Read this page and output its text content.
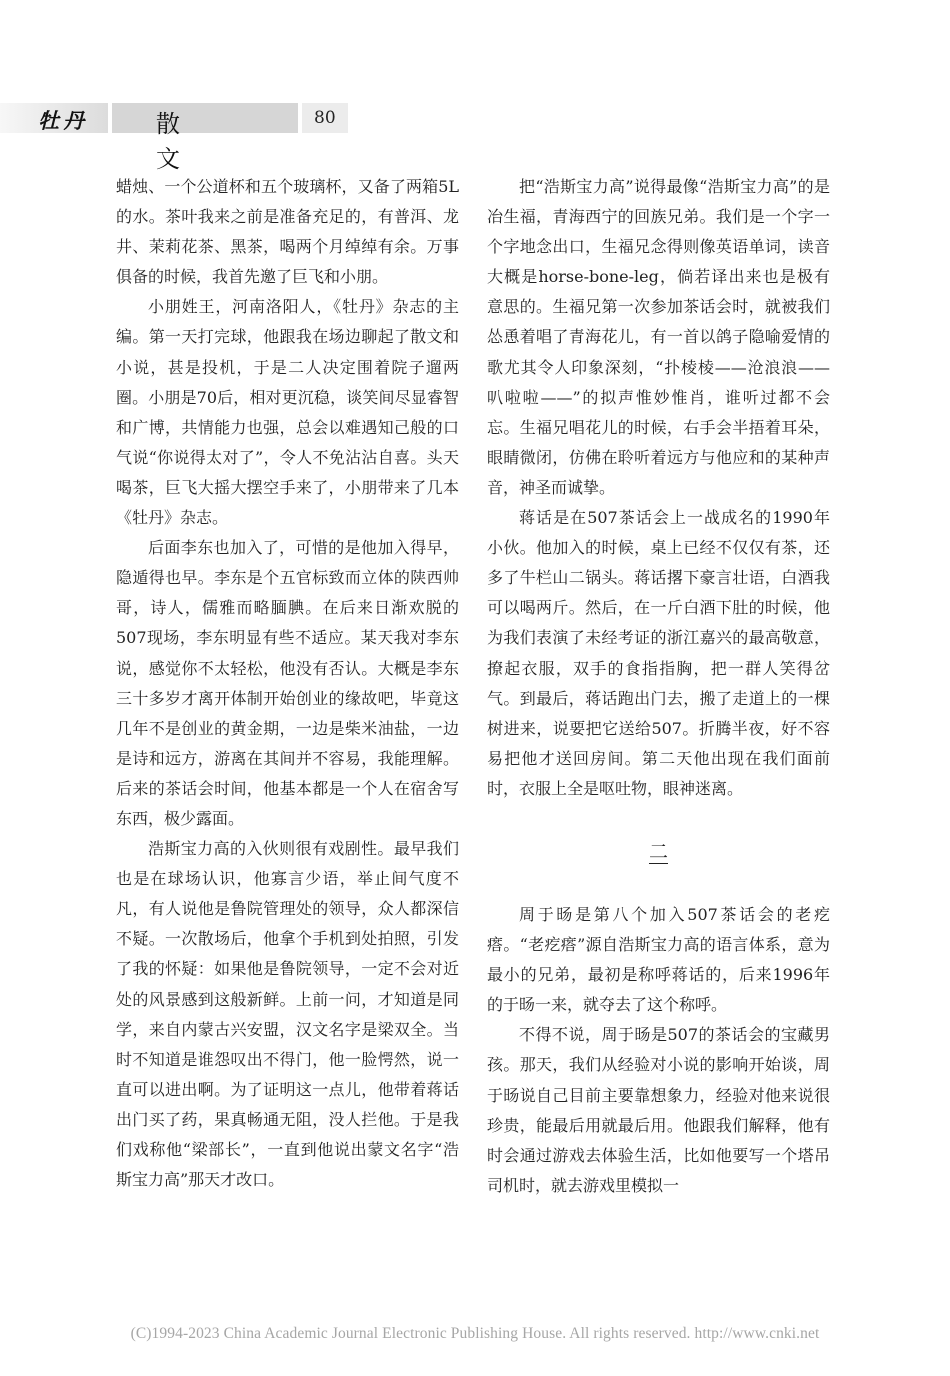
牡丹	散文
80

蜡烛、一个公道杯和五个玻璃杯，又备了两箱5L的水。茶叶我来之前是准备充足的，有普洱、龙井、茉莉花茶、黑茶，喝两个月绰绰有余。万事俱备的时候，我首先邀了巨飞和小朋。

小朋姓王，河南洛阳人，《牡丹》杂志的主编。第一天打完球，他跟我在场边聊起了散文和小说，甚是投机，于是二人决定围着院子遛两圈。小朋是70后，相对更沉稳，谈笑间尽显睿智和广博，共情能力也强，总会以难遇知己般的口气说“你说得太对了”，令人不免沾沾自喜。头天喝茶，巨飞大摇大摆空手来了，小朋带来了几本《牡丹》杂志。

后面李东也加入了，可惜的是他加入得早，隐遁得也早。李东是个五官标致而立体的陕西帅哥，诗人，儒雅而略腼腆。在后来日渐欢脱的507现场，李东明显有些不适应。某天我对李东说，感觉你不太轻松，他没有否认。大概是李东三十多岁才离开体制开始创业的缘故吧，毕竟这几年不是创业的黄金期，一边是柴米油盐，一边是诗和远方，游离在其间并不容易，我能理解。后来的茶话会时间，他基本都是一个人在宿舍写东西，极少露面。

浩斯宝力高的入伙则很有戏剧性。最早我们也是在球场认识，他寡言少语，举止间气度不凡，有人说他是鲁院管理处的领导，众人都深信不疑。一次散场后，他拿个手机到处拍照，引发了我的怀疑：如果他是鲁院领导，一定不会对近处的风景感到这般新鲜。上前一问，才知道是同学，来自内蒙古兴安盟，汉文名字是梁双全。当时不知道是谁怨叹出不得门，他一脸愕然，说一直可以进出啊。为了证明这一点儿，他带着蒋话出门买了药，果真畅通无阻，没人拦他。于是我们戏称他“梁部长”，一直到他说出蒙文名字“浩斯宝力高”那天才改口。

把“浩斯宝力高”说得最像“浩斯宝力高”的是冶生福，青海西宁的回族兄弟。我们是一个字一个字地念出口，生福兄念得则像英语单词，读音大概是horse-bone-leg，倘若译出来也是极有意思的。生福兄第一次参加茶话会时，就被我们怂恿着唱了青海花儿，有一首以鸽子隐喻爱情的歌尤其令人印象深刻，“扑棱棱——沧浪浪——叭啦啦——”的拟声惟妙惟肖，谁听过都不会忘。生福兄唱花儿的时候，右手会半捂着耳朵，眼睛微闭，仿佛在聆听着远方与他应和的某种声音，神圣而诚挚。

蒋话是在507茶话会上一战成名的1990年小伙。他加入的时候，桌上已经不仅仅有茶，还多了牛栏山二锅头。蒋话撂下豪言壮语，白酒我可以喝两斤。然后，在一斤白酒下肚的时候，他为我们表演了未经考证的浙江嘉兴的最高敬意，撩起衣服，双手的食指指胸，把一群人笑得岔气。到最后，蒋话跑出门去，搬了走道上的一棵树进来，说要把它送给507。折腾半夜，好不容易把他才送回房间。第二天他出现在我们面前时，衣服上全是呕吐物，眼神迷离。

二

周于旸是第八个加入507茶话会的老疙瘩。“老疙瘩”源自浩斯宝力高的语言体系，意为最小的兄弟，最初是称呼蒋话的，后来1996年的于旸一来，就夺去了这个称呼。

不得不说，周于旸是507的茶话会的宝藏男孩。那天，我们从经验对小说的影响开始谈，周于旸说自己目前主要靠想象力，经验对他来说很珍贵，能最后用就最后用。他跟我们解释，他有时会通过游戏去体验生活，比如他要写一个塔吊司机时，就去游戏里模拟一

(C)1994-2023 China Academic Journal Electronic Publishing House. All rights reserved. http://www.cnki.net
